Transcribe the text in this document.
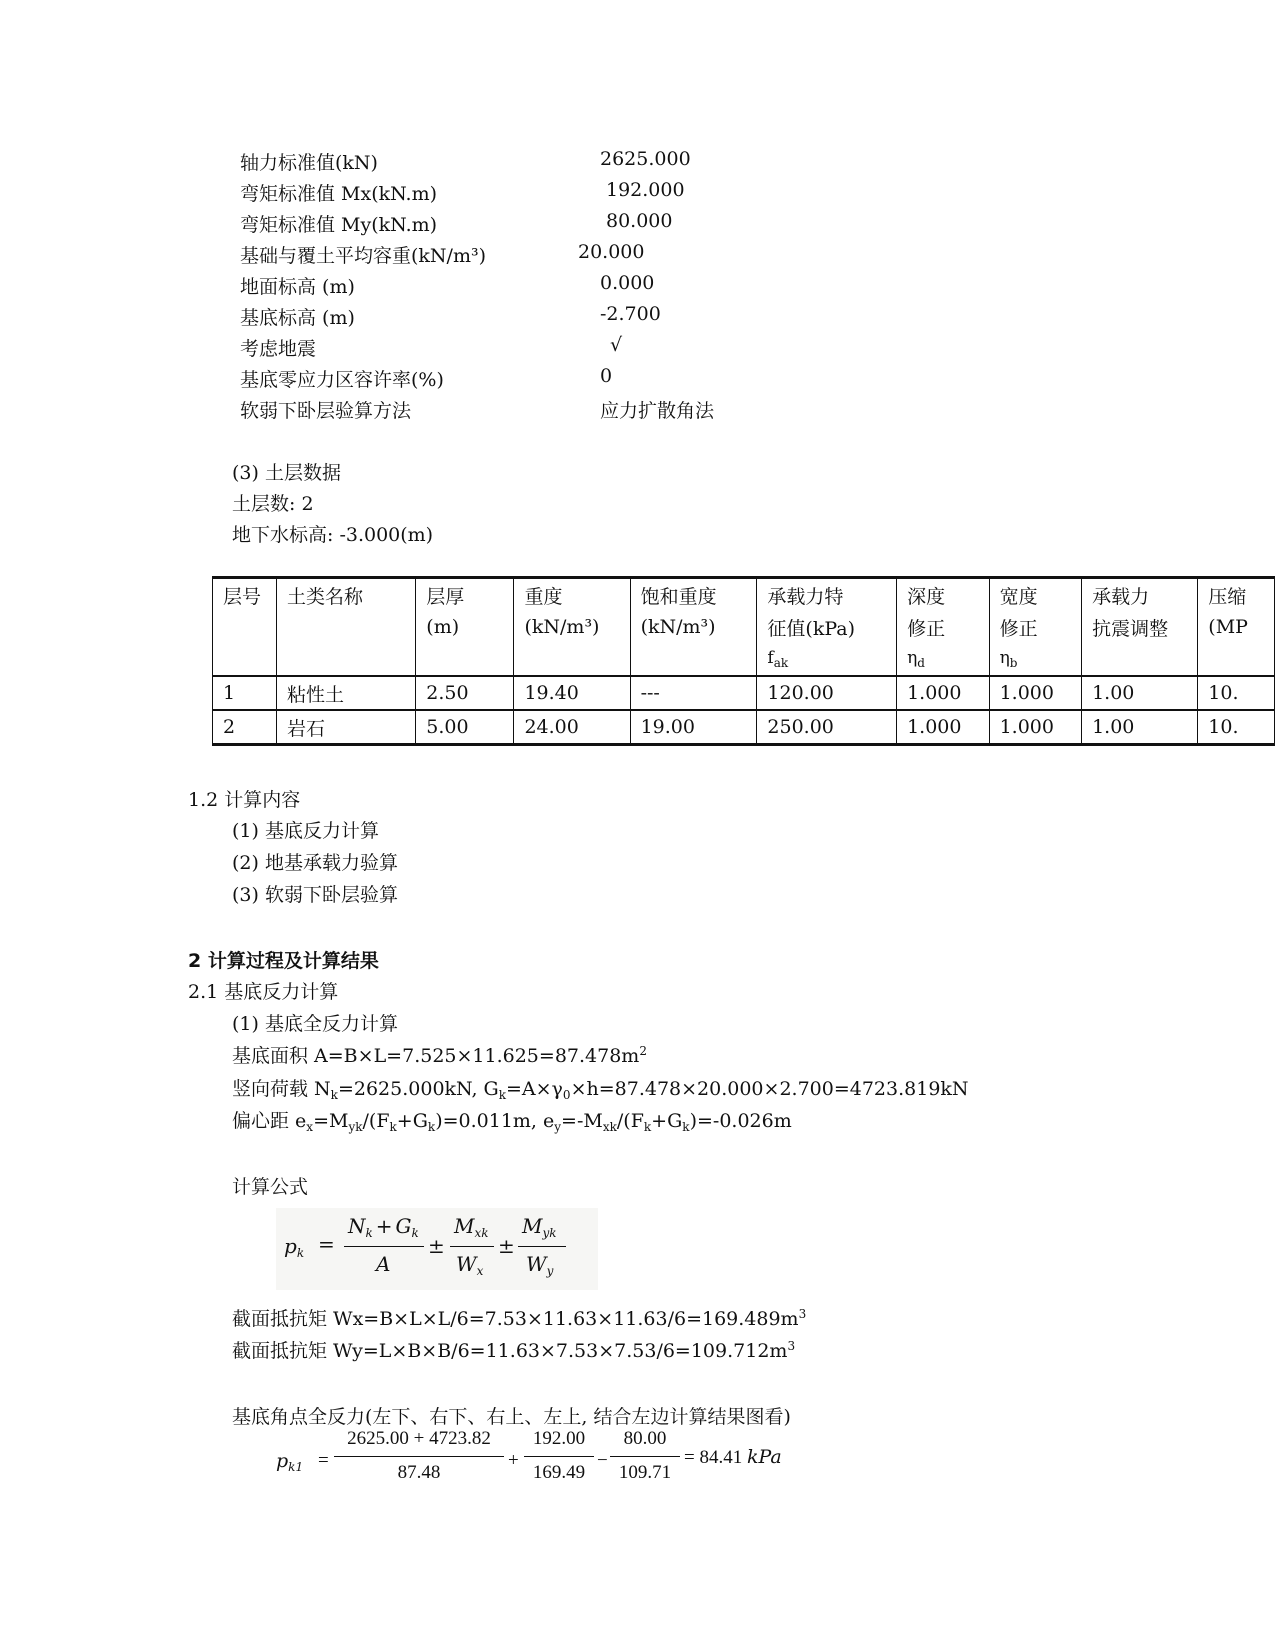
轴力标准值(kN)	2625.000
弯矩标准值 Mx(kN.m)	192.000
弯矩标准值 My(kN.m)	80.000
基础与覆土平均容重(kN/m³)	20.000
地面标高 (m)	0.000
基底标高 (m)	-2.700
考虑地震	√
基底零应力区容许率(%)	0
软弱下卧层验算方法	应力扩散角法
(3) 土层数据
土层数: 2
地下水标高: -3.000(m)
层号	土类名称	层厚	重度	饱和重度	承载力特	深度	宽度	承载力	压缩
		(m)	(kN/m³)	(kN/m³)	征值(kPa)	修正	修正	抗震调整	(MP
					$f_{ak}$	$\eta_d$	$\eta_b$		
1	粘性土	2.50	19.40	---	120.00	1.000	1.000	1.00	10.
2	岩石	5.00	24.00	19.00	250.00	1.000	1.000	1.00	10.
1.2 计算内容
(1) 基底反力计算
(2) 地基承载力验算
(3) 软弱下卧层验算
2 计算过程及计算结果
2.1 基底反力计算
(1) 基底全反力计算
基底面积 $A=B\times L=7.525\times 11.625=87.478m^2$
竖向荷载 $N_k=2625.000kN$, $G_k=A\times\gamma_0\times h=87.478\times 20.000\times 2.700=4723.819kN$
偏心距 $e_x=M_{yk}/(F_k+G_k)=0.011m$, $e_y=-M_{xk}/(F_k+G_k)=-0.026m$
计算公式
$p_k$ =
$N_k + G_k$
A
±
$M_{xk}$
$W_x$
±
$M_{yk}$
$W_y$
截面抵抗矩 $Wx=B\times L\times L/6=7.53\times 11.63\times 11.63/6=169.489m^3$
截面抵抗矩 $Wy=L\times B\times B/6=11.63\times 7.53\times 7.53/6=109.712m^3$
基底角点全反力(左下、右下、右上、左上, 结合左边计算结果图看)
$p_{k1}$ =
2625.00 + 4723.82
87.48
+
192.00
169.49
−
80.00
109.71
= 84.41 kPa
